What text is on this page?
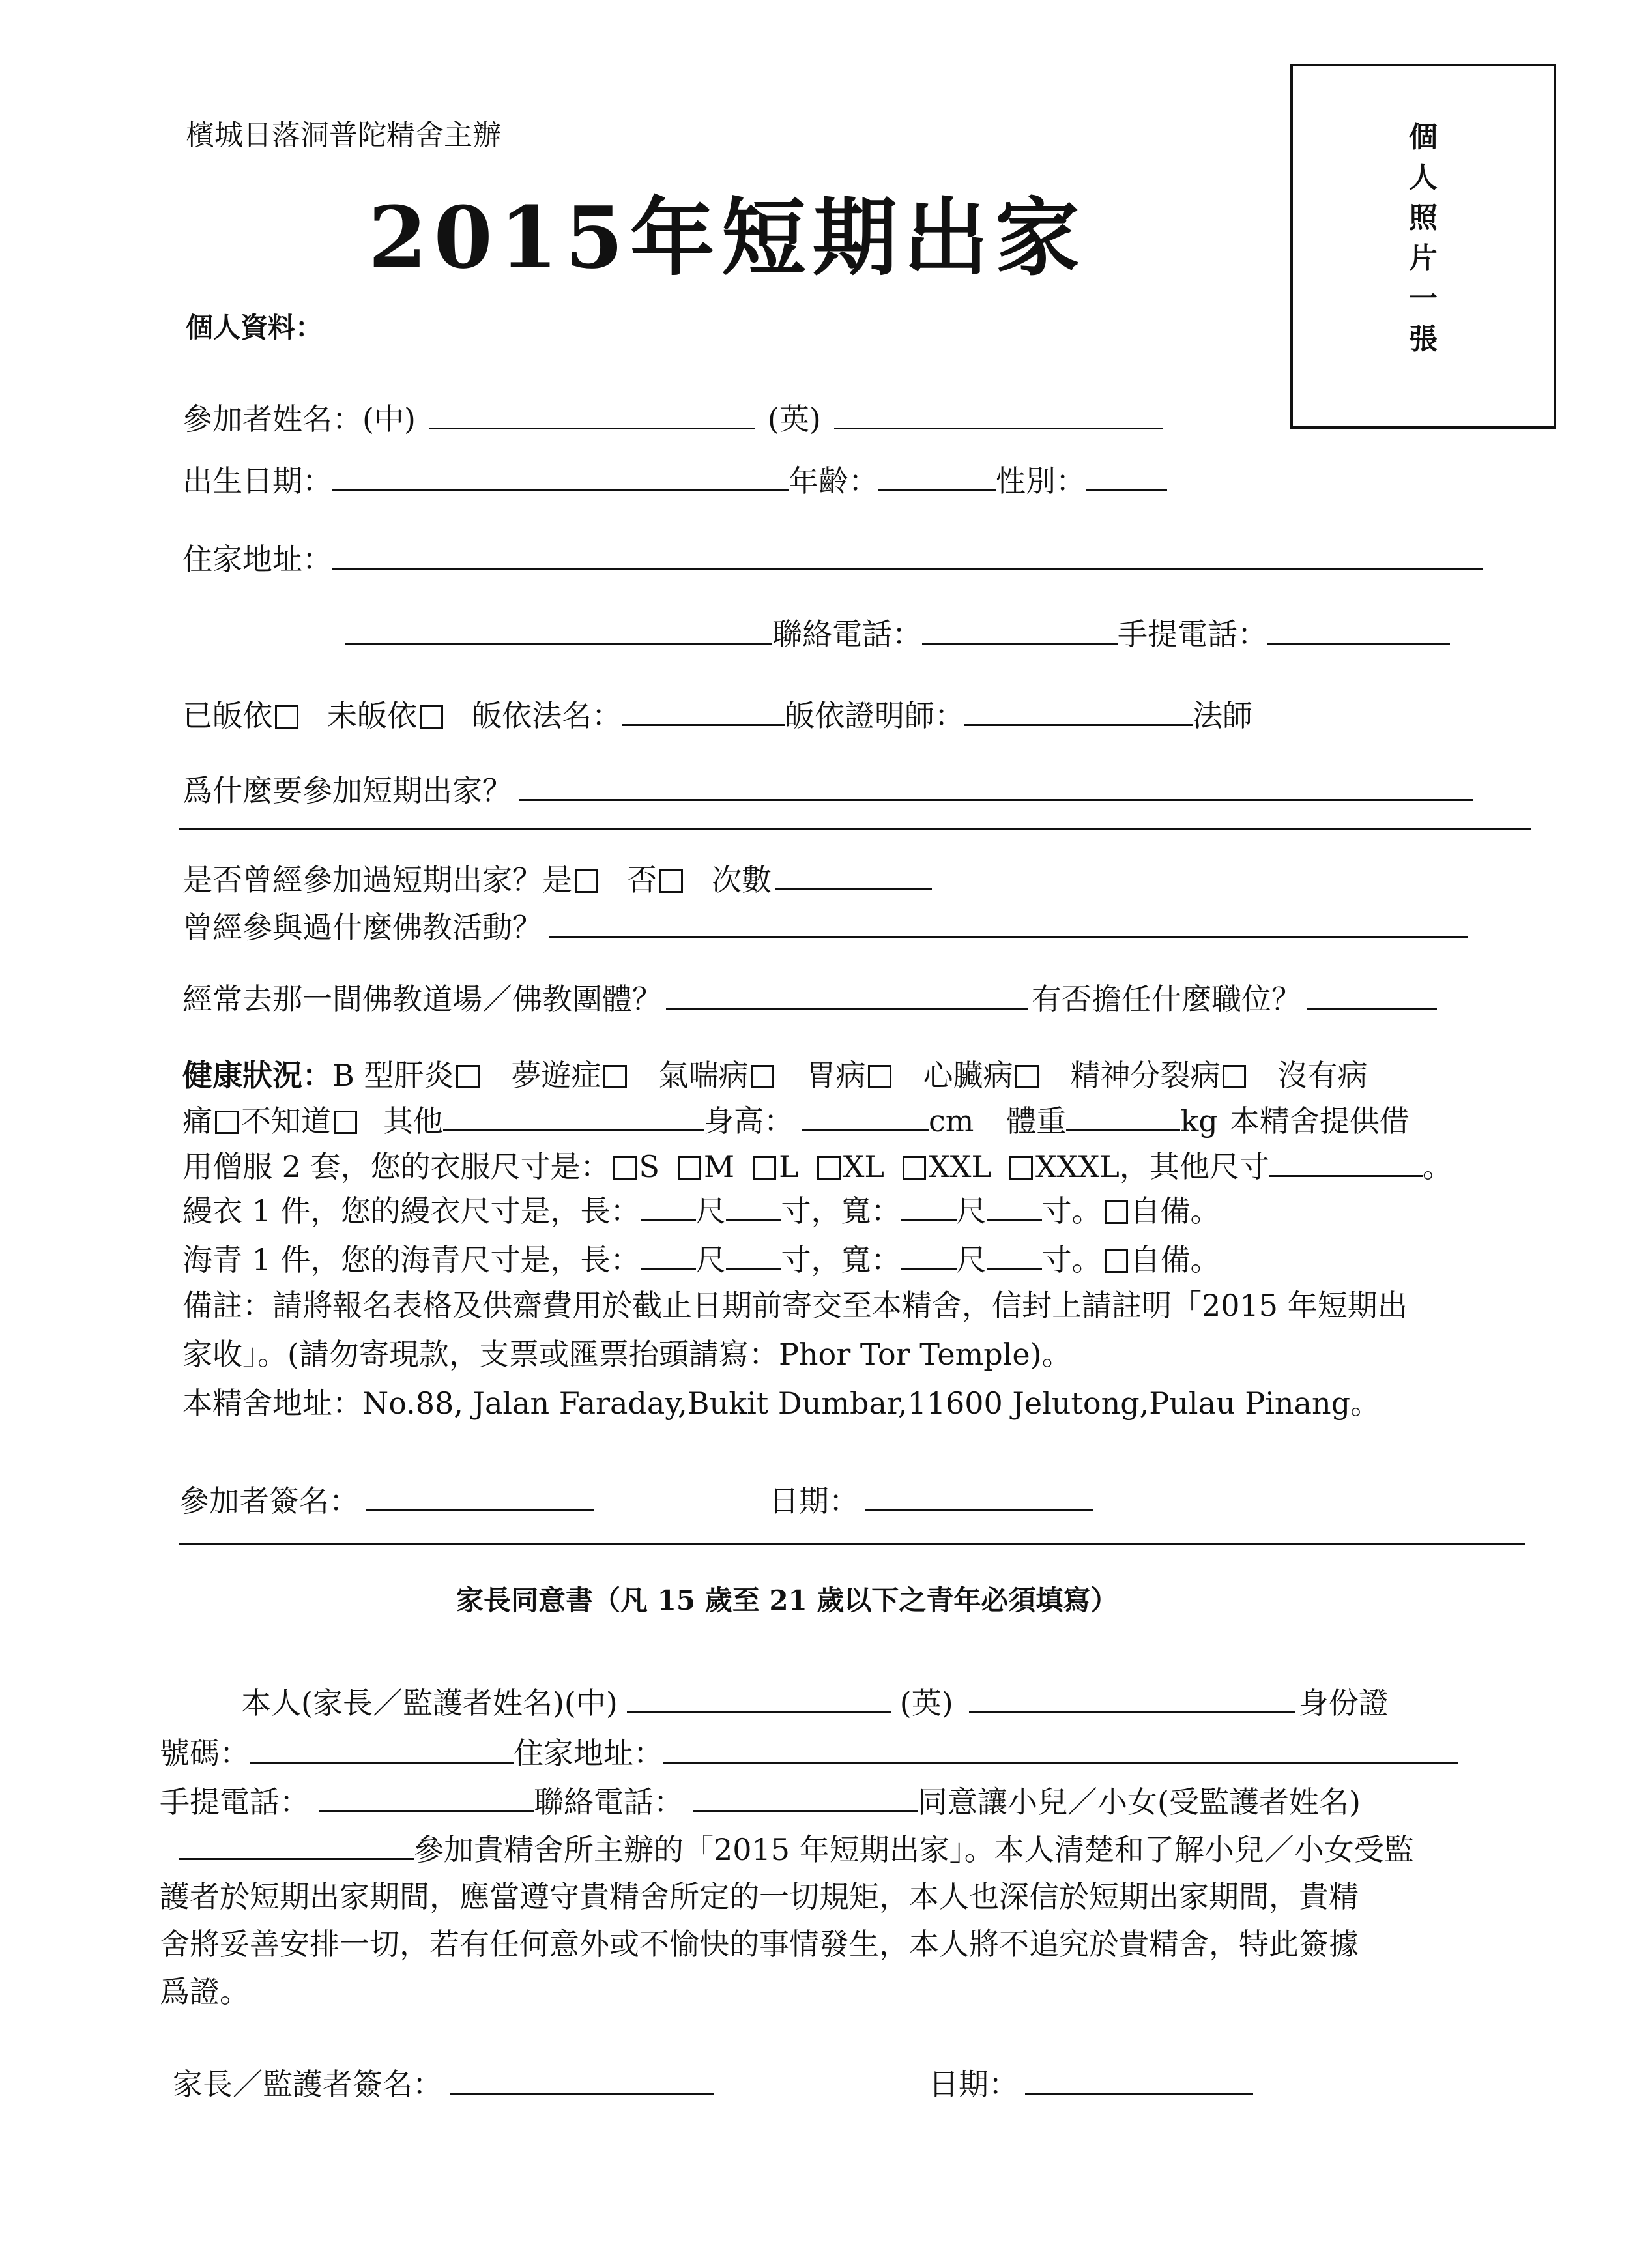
檳城日落洞普陀精舍主辦
2015年短期出家
個人資料：
個
人
照
片
一
張
參加者姓名：(中)	(英)
出生日期：	年齡：	性別：
住家地址：
聯絡電話：	手提電話：
已皈依 未皈依 皈依法名：	皈依證明師：	法師
爲什麼要參加短期出家？
是否曾經參加過短期出家？是 否 次數
曾經參與過什麼佛教活動？
經常去那一間佛教道場／佛教團體？	有否擔任什麼職位？
健康狀況：B 型肝炎 夢遊症 氣喘病 胃病 心臟病 精神分裂病 沒有病
痛 不知道 其他	身高：	cm 體重	kg 本精舍提供借
用僧服 2 套，您的衣服尺寸是： S M L XL XXL XXXL，其他尺寸	。
縵衣 1 件，您的縵衣尺寸是，長： 尺 寸，寬： 尺 寸。 自備。
海青 1 件，您的海青尺寸是，長： 尺 寸，寬： 尺 寸。 自備。
備註：請將報名表格及供齋費用於截止日期前寄交至本精舍，信封上請註明「2015 年短期出
家收」。(請勿寄現款，支票或匯票抬頭請寫：Phor Tor Temple)。
本精舍地址：No.88, Jalan Faraday,Bukit Dumbar,11600 Jelutong,Pulau Pinang。
參加者簽名：	日期：
家長同意書（凡 15 歲至 21 歲以下之青年必須填寫）
本人(家長／監護者姓名)(中)	(英)	身份證
號碼：	住家地址：
手提電話：	聯絡電話：	同意讓小兒／小女(受監護者姓名)
參加貴精舍所主辦的「2015 年短期出家」。本人清楚和了解小兒／小女受監
護者於短期出家期間，應當遵守貴精舍所定的一切規矩，本人也深信於短期出家期間，貴精
舍將妥善安排一切，若有任何意外或不愉快的事情發生，本人將不追究於貴精舍，特此簽據
爲證。
家長／監護者簽名：	日期：
